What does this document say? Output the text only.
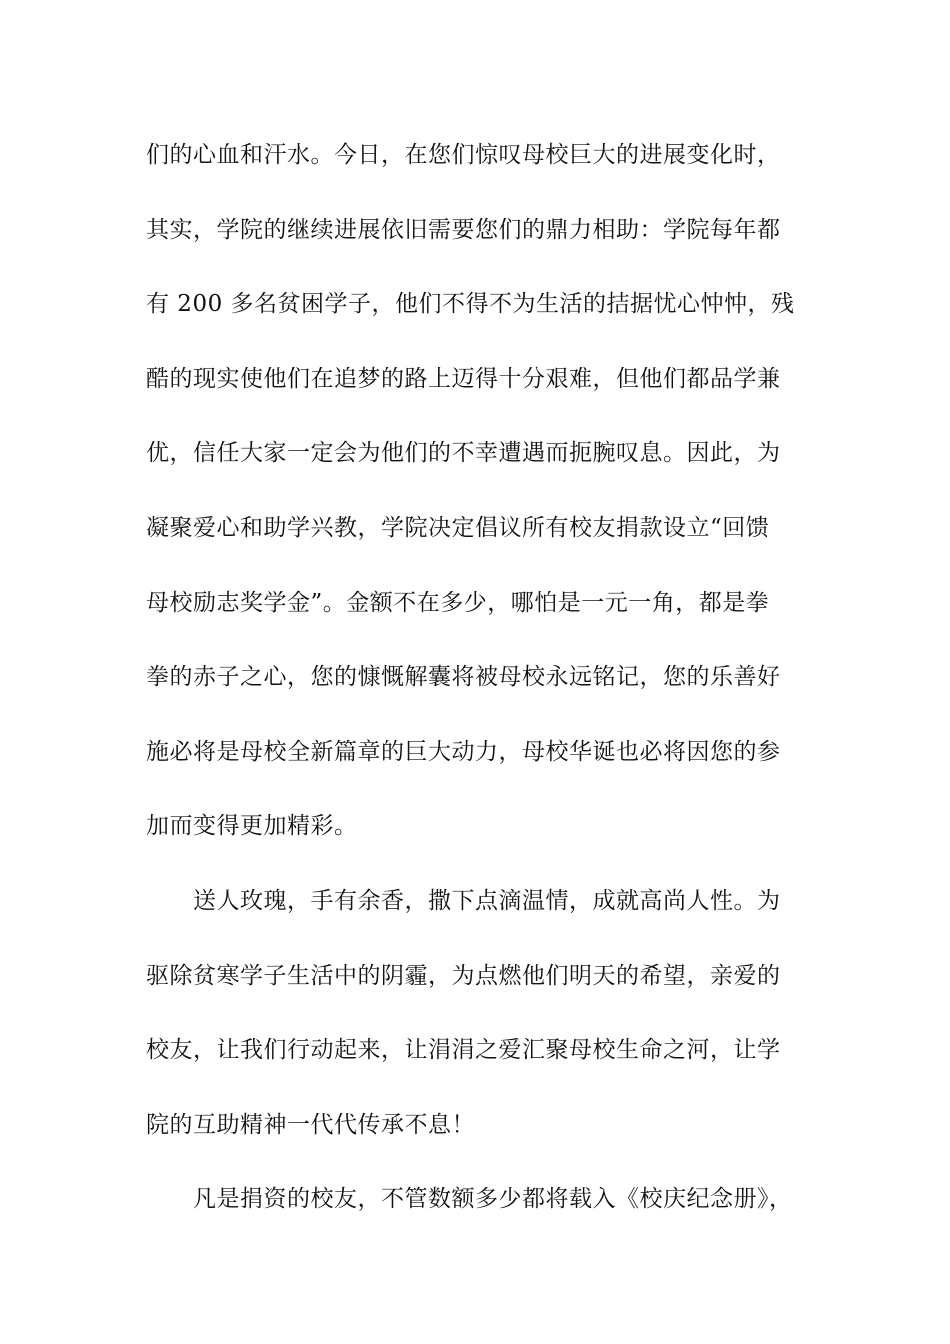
们的心血和汗水。今日，在您们惊叹母校巨大的进展变化时，
其实，学院的继续进展依旧需要您们的鼎力相助：学院每年都
有 200 多名贫困学子，他们不得不为生活的拮据忧心忡忡，残
酷的现实使他们在追梦的路上迈得十分艰难，但他们都品学兼
优，信任大家一定会为他们的不幸遭遇而扼腕叹息。因此，为
凝聚爱心和助学兴教，学院决定倡议所有校友捐款设立“回馈
母校励志奖学金”。金额不在多少，哪怕是一元一角，都是拳
拳的赤子之心，您的慷慨解囊将被母校永远铭记，您的乐善好
施必将是母校全新篇章的巨大动力，母校华诞也必将因您的参
加而变得更加精彩。
送人玫瑰，手有余香，撒下点滴温情，成就高尚人性。为
驱除贫寒学子生活中的阴霾，为点燃他们明天的希望，亲爱的
校友，让我们行动起来，让涓涓之爱汇聚母校生命之河，让学
院的互助精神一代代传承不息！
凡是捐资的校友，不管数额多少都将载入《校庆纪念册》，
